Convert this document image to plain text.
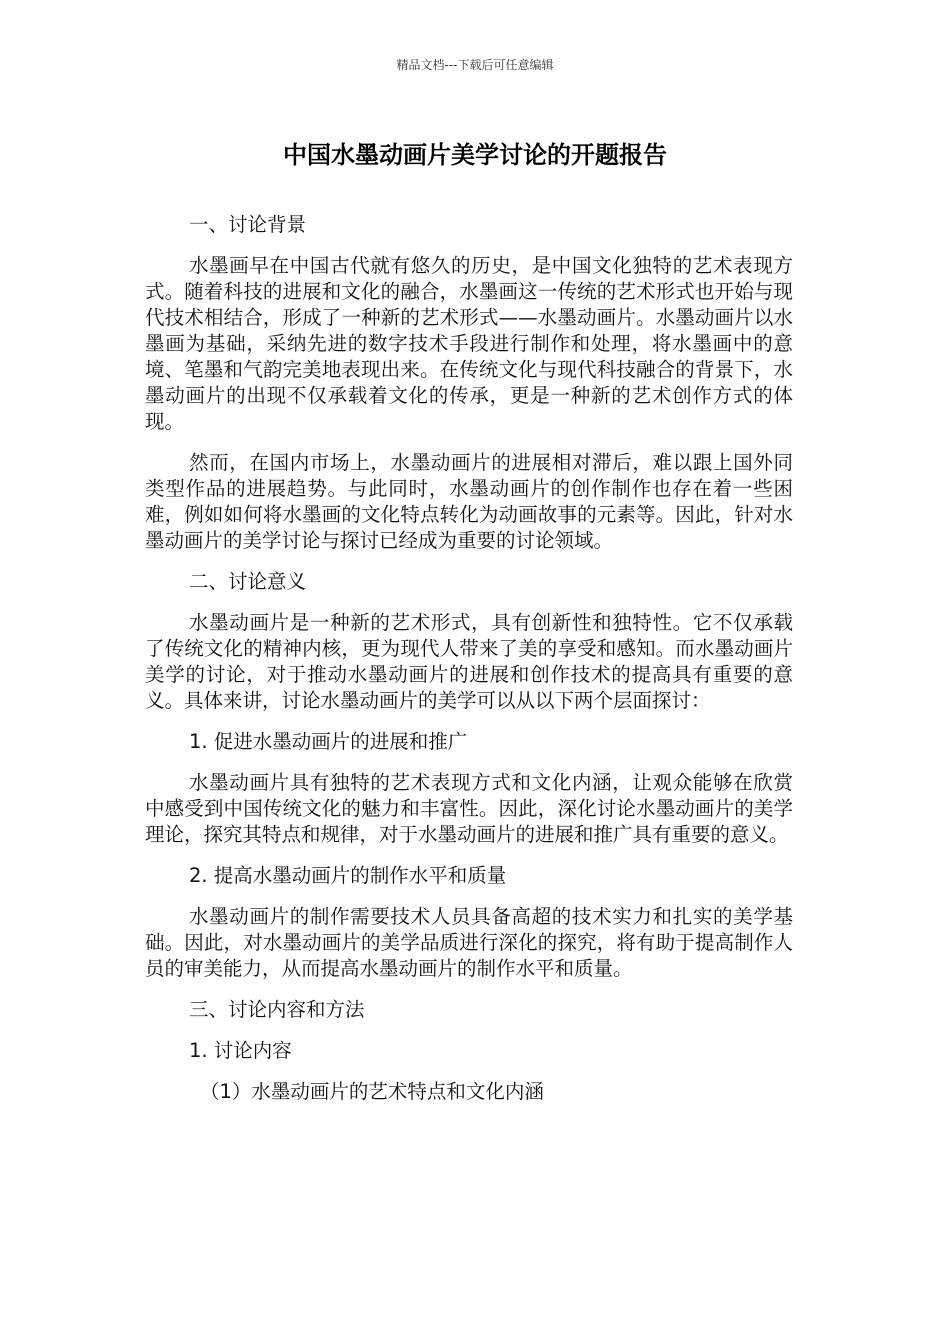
精品文档---下载后可任意编辑
中国水墨动画片美学讨论的开题报告
一、讨论背景
水墨画早在中国古代就有悠久的历史，是中国文化独特的艺术表现方式。随着科技的进展和文化的融合，水墨画这一传统的艺术形式也开始与现代技术相结合，形成了一种新的艺术形式——水墨动画片。水墨动画片以水墨画为基础，采纳先进的数字技术手段进行制作和处理，将水墨画中的意境、笔墨和气韵完美地表现出来。在传统文化与现代科技融合的背景下，水墨动画片的出现不仅承载着文化的传承，更是一种新的艺术创作方式的体现。
然而，在国内市场上，水墨动画片的进展相对滞后，难以跟上国外同类型作品的进展趋势。与此同时，水墨动画片的创作制作也存在着一些困难，例如如何将水墨画的文化特点转化为动画故事的元素等。因此，针对水墨动画片的美学讨论与探讨已经成为重要的讨论领域。
二、讨论意义
水墨动画片是一种新的艺术形式，具有创新性和独特性。它不仅承载了传统文化的精神内核，更为现代人带来了美的享受和感知。而水墨动画片美学的讨论，对于推动水墨动画片的进展和创作技术的提高具有重要的意义。具体来讲，讨论水墨动画片的美学可以从以下两个层面探讨：
1. 促进水墨动画片的进展和推广
水墨动画片具有独特的艺术表现方式和文化内涵，让观众能够在欣赏中感受到中国传统文化的魅力和丰富性。因此，深化讨论水墨动画片的美学理论，探究其特点和规律，对于水墨动画片的进展和推广具有重要的意义。
2. 提高水墨动画片的制作水平和质量
水墨动画片的制作需要技术人员具备高超的技术实力和扎实的美学基础。因此，对水墨动画片的美学品质进行深化的探究，将有助于提高制作人员的审美能力，从而提高水墨动画片的制作水平和质量。
三、讨论内容和方法
1. 讨论内容
（1）水墨动画片的艺术特点和文化内涵
